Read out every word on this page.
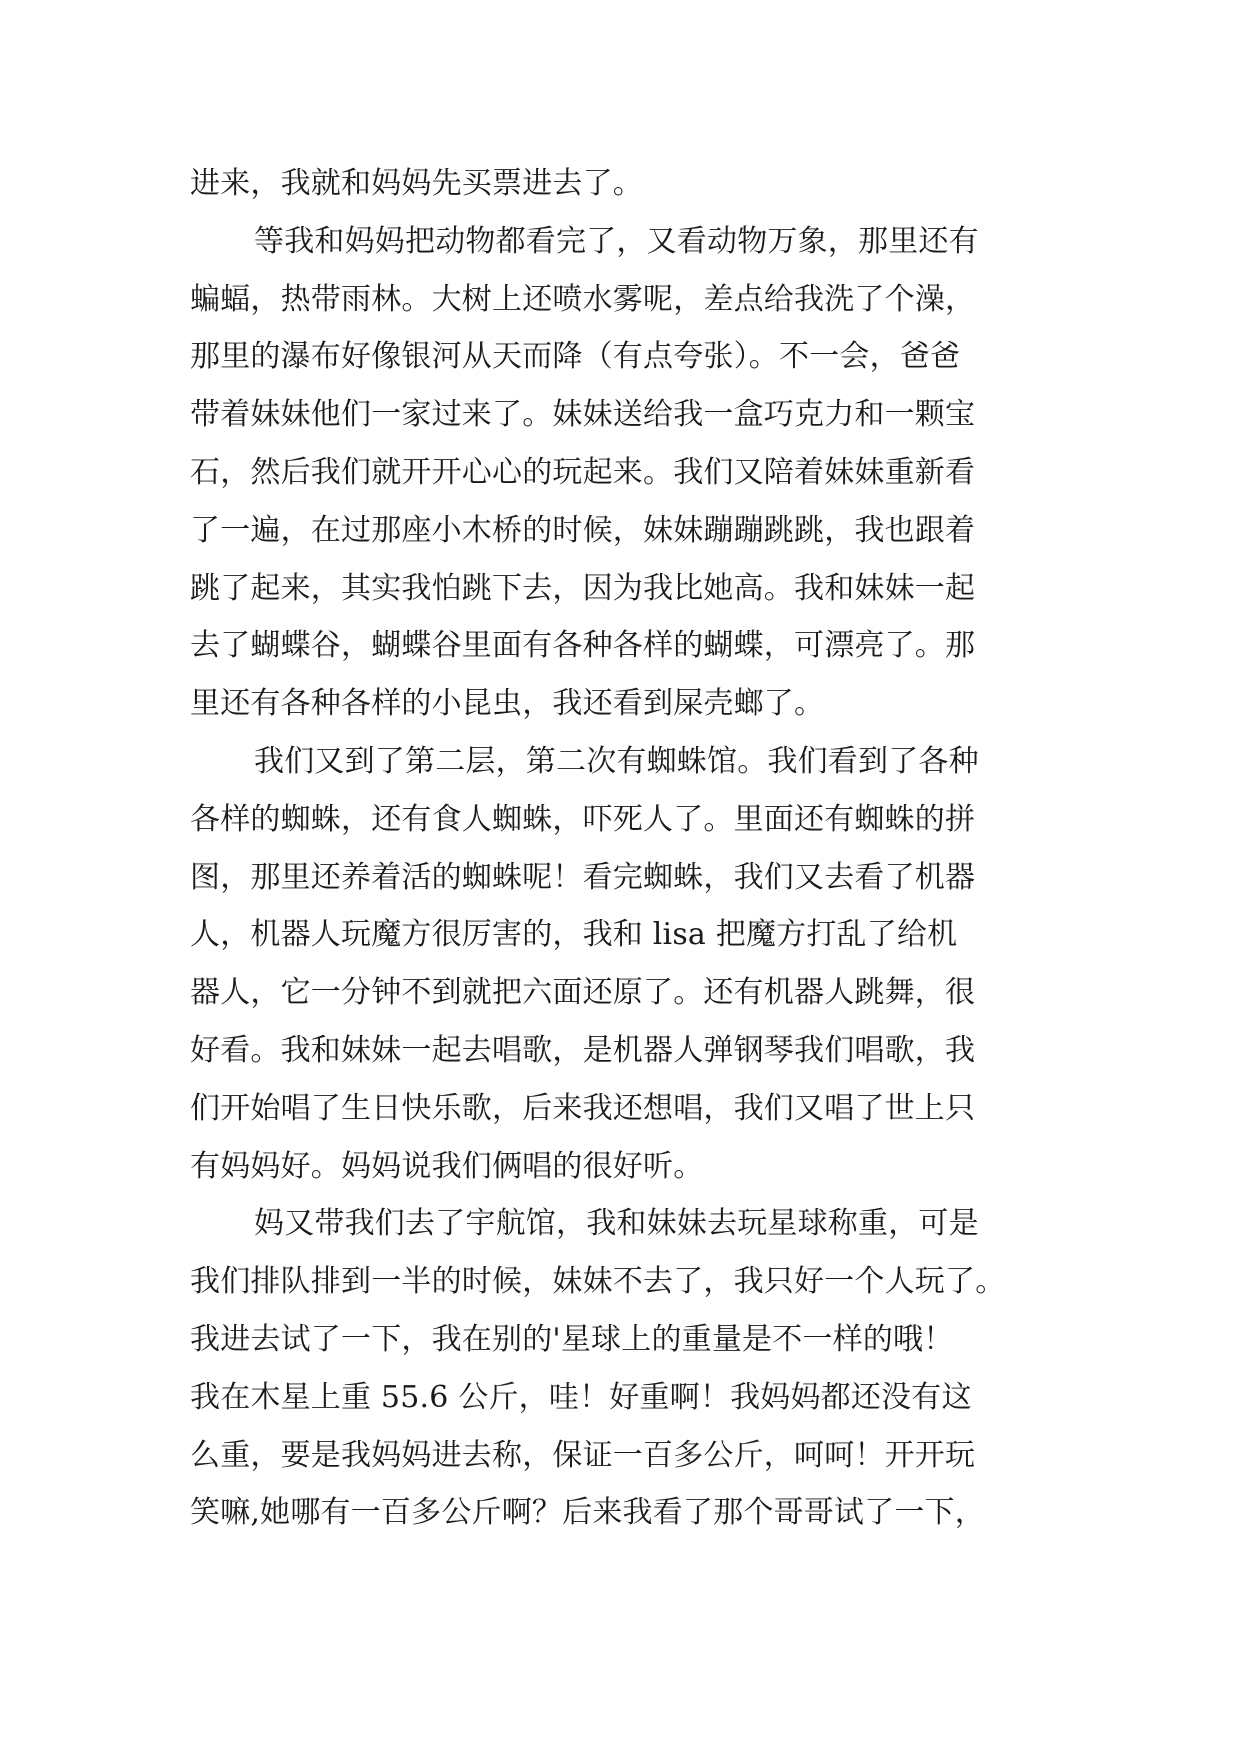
进来，我就和妈妈先买票进去了。
等我和妈妈把动物都看完了，又看动物万象，那里还有
蝙蝠，热带雨林。大树上还喷水雾呢，差点给我洗了个澡，
那里的瀑布好像银河从天而降（有点夸张）。不一会，爸爸
带着妹妹他们一家过来了。妹妹送给我一盒巧克力和一颗宝
石，然后我们就开开心心的玩起来。我们又陪着妹妹重新看
了一遍，在过那座小木桥的时候，妹妹蹦蹦跳跳，我也跟着
跳了起来，其实我怕跳下去，因为我比她高。我和妹妹一起
去了蝴蝶谷，蝴蝶谷里面有各种各样的蝴蝶，可漂亮了。那
里还有各种各样的小昆虫，我还看到屎壳螂了。
我们又到了第二层，第二次有蜘蛛馆。我们看到了各种
各样的蜘蛛，还有食人蜘蛛，吓死人了。里面还有蜘蛛的拼
图，那里还养着活的蜘蛛呢！看完蜘蛛，我们又去看了机器
人，机器人玩魔方很厉害的，我和 lisa 把魔方打乱了给机
器人，它一分钟不到就把六面还原了。还有机器人跳舞，很
好看。我和妹妹一起去唱歌，是机器人弹钢琴我们唱歌，我
们开始唱了生日快乐歌，后来我还想唱，我们又唱了世上只
有妈妈好。妈妈说我们俩唱的很好听。
妈又带我们去了宇航馆，我和妹妹去玩星球称重，可是
我们排队排到一半的时候，妹妹不去了，我只好一个人玩了。
我进去试了一下，我在别的'星球上的重量是不一样的哦！
我在木星上重 55.6 公斤，哇！好重啊！我妈妈都还没有这
么重，要是我妈妈进去称，保证一百多公斤，呵呵！开开玩
笑嘛,她哪有一百多公斤啊？后来我看了那个哥哥试了一下，
